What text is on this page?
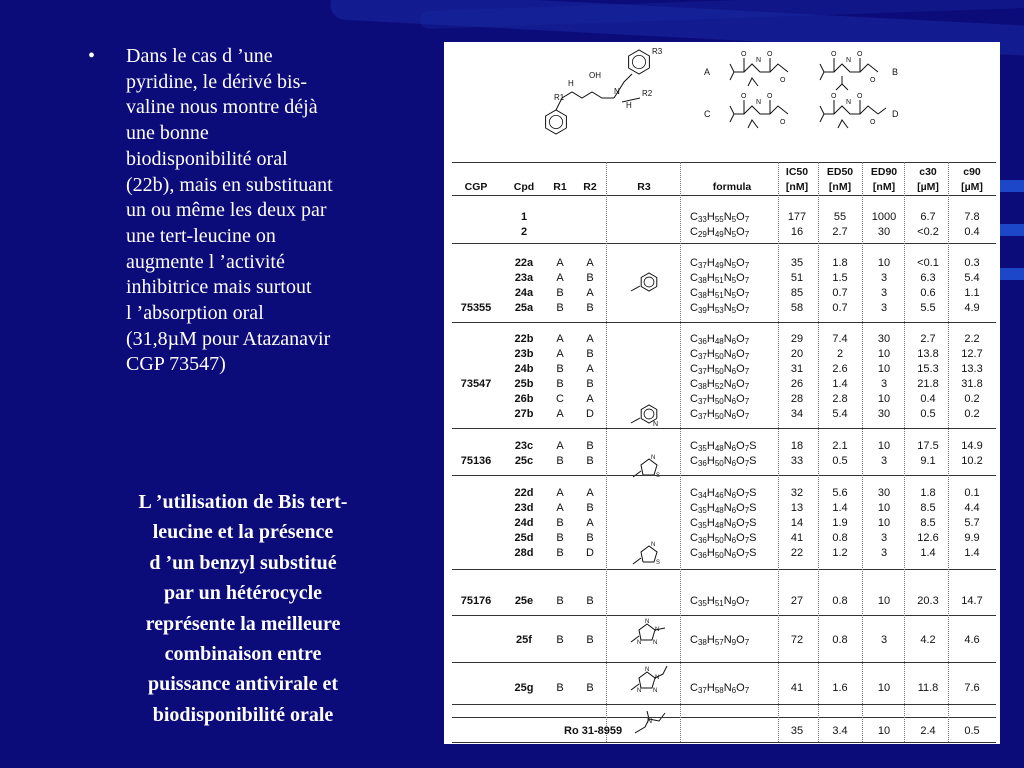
•	Dans le cas d ’une
pyridine, le dérivé bis-
valine nous montre déjà
une bonne
biodisponibilité oral
(22b), mais en substituant
un ou même les deux par
une tert-leucine on
augmente l ’activité
inhibitrice mais surtout
l ’absorption oral
(31,8µM pour Atazanavir
CGP 73547)
L ’utilisation de Bis tert-
leucine et la présence
d ’un benzyl substitué
par un hétérocycle
représente la meilleure
combinaison entre
puissance antivirale et
biodisponibilité orale
R3
R1
H
OH
N
H
R2
A
O
N
O
O
B
O
N
O
O
C
O
N
O
O
D
O
N
O
O
N
N
S
N
S
N
N
N
N
N
N
N
N
N
CGP	Cpd	R1	R2	R3	formula
IC50
[nM]
ED50
[nM]
ED90
[nM]
c30
[µM]
c90
[µM]
1	$C_{33}H_{55}N_5O_7$	177	55	1000	6.7	7.8
2	$C_{29}H_{49}N_5O_7$	16	2.7	30	<0.2	0.4
22a	A	A	$C_{37}H_{49}N_5O_7$	35	1.8	10	<0.1	0.3
23a	A	B	$C_{38}H_{51}N_5O_7$	51	1.5	3	6.3	5.4
24a	B	A	$C_{38}H_{51}N_5O_7$	85	0.7	3	0.6	1.1
75355	25a	B	B	$C_{39}H_{53}N_5O_7$	58	0.7	3	5.5	4.9
22b	A	A	$C_{36}H_{48}N_6O_7$	29	7.4	30	2.7	2.2
23b	A	B	$C_{37}H_{50}N_6O_7$	20	2	10	13.8	12.7
24b	B	A	$C_{37}H_{50}N_6O_7$	31	2.6	10	15.3	13.3
73547	25b	B	B	$C_{38}H_{52}N_6O_7$	26	1.4	3	21.8	31.8
26b	C	A	$C_{37}H_{50}N_6O_7$	28	2.8	10	0.4	0.2
27b	A	D	$C_{37}H_{50}N_6O_7$	34	5.4	30	0.5	0.2
23c	A	B	$C_{35}H_{48}N_6O_7S$	18	2.1	10	17.5	14.9
75136	25c	B	B	$C_{36}H_{50}N_6O_7S$	33	0.5	3	9.1	10.2
22d	A	A	$C_{34}H_{46}N_6O_7S$	32	5.6	30	1.8	0.1
23d	A	B	$C_{35}H_{48}N_6O_7S$	13	1.4	10	8.5	4.4
24d	B	A	$C_{35}H_{48}N_6O_7S$	14	1.9	10	8.5	5.7
25d	B	B	$C_{36}H_{50}N_6O_7S$	41	0.8	3	12.6	9.9
28d	B	D	$C_{36}H_{50}N_6O_7S$	22	1.2	3	1.4	1.4
75176	25e	B	B	$C_{35}H_{51}N_9O_7$	27	0.8	10	20.3	14.7
25f	B	B	$C_{38}H_{57}N_9O_7$	72	0.8	3	4.2	4.6
25g	B	B	$C_{37}H_{58}N_6O_7$	41	1.6	10	11.8	7.6
Ro 31-8959	35	3.4	10	2.4	0.5
